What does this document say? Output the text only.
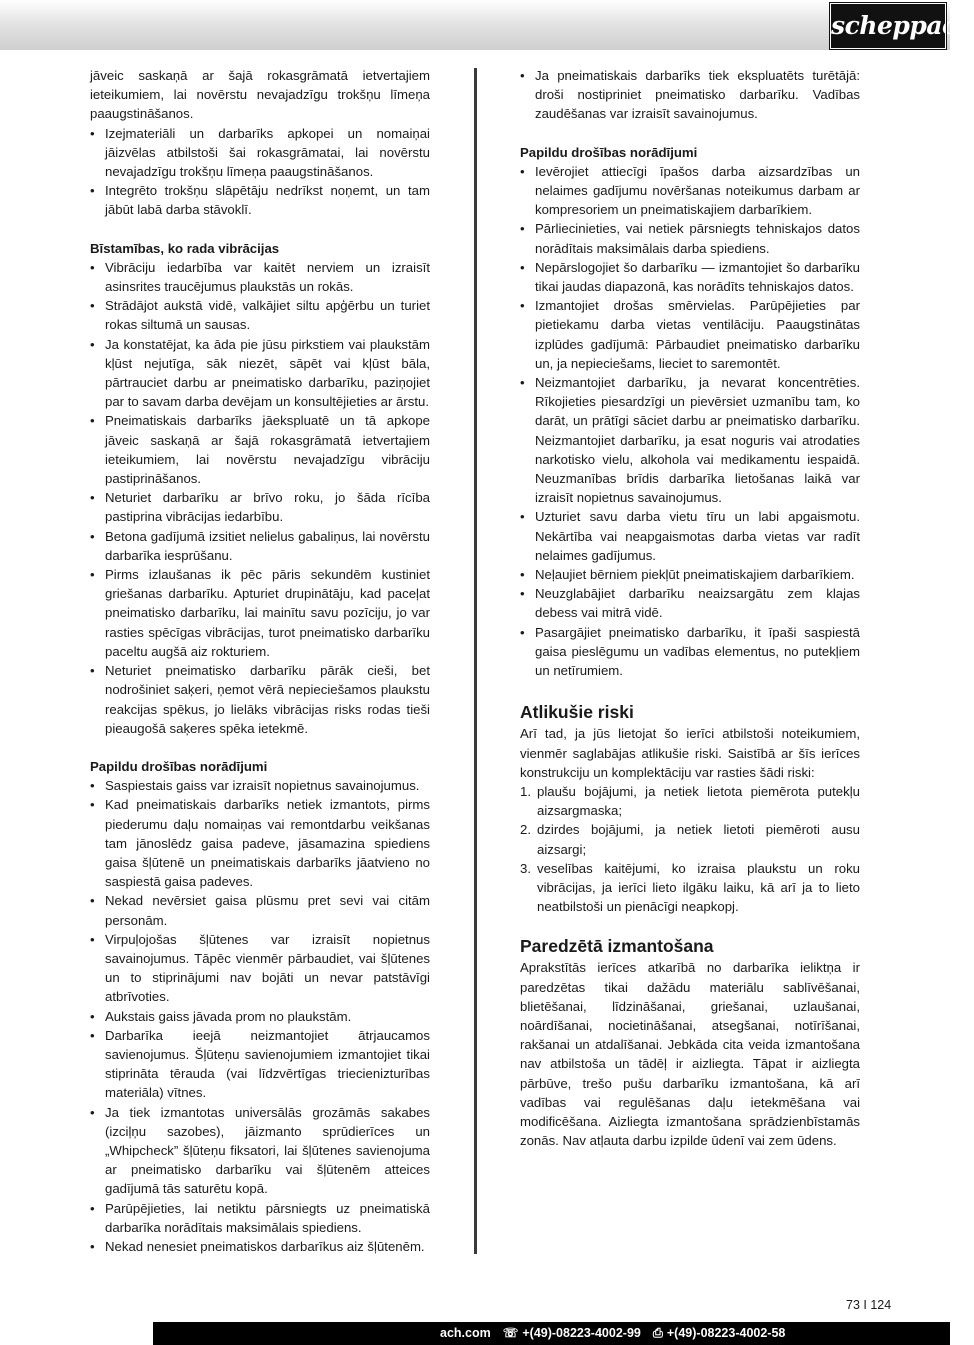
scheppach

jāveic saskaņā ar šajā rokasgrāmatā ietvertajiem ieteikumiem, lai novērstu nevajadzīgu trokšņu līmeņa paaugstināšanos.

• Izejmateriāli un darbarīks apkopei un nomaiņai jāizvēlas atbilstoši šai rokasgrāmatai, lai novērstu nevajadzīgu trokšņu līmeņa paaugstināšanos.
• Integrēto trokšņu slāpētāju nedrīkst noņemt, un tam jābūt labā darba stāvoklī.
Bīstamības, ko rada vibrācijas
• Vibrāciju iedarbība var kaitēt nerviem un izraisīt asinsrites traucējumus plaukstās un rokās.
• Strādājot aukstā vidē, valkājiet siltu apģērbu un turiet rokas siltumā un sausas.
• Ja konstatējat, ka āda pie jūsu pirkstiem vai plaukstām kļūst nejutīga, sāk niezēt, sāpēt vai kļūst bāla, pārtrauciet darbu ar pneimatisko darbarīku, paziņojiet par to savam darba devējam un konsultējieties ar ārstu.
• Pneimatiskais darbarīks jāekspluatē un tā apkope jāveic saskaņā ar šajā rokasgrāmatā ietvertajiem ieteikumiem, lai novērstu nevajadzīgu vibrāciju pastiprināšanos.
• Neturiet darbarīku ar brīvo roku, jo šāda rīcība pastiprina vibrācijas iedarbību.
• Betona gadījumā izsitiet nelielus gabaliņus, lai novērstu darbarīka iesprūšanu.
• Pirms izlaušanas ik pēc pāris sekundēm kustiniet griešanas darbarīku. Apturiet drupinātāju, kad paceļat pneimatisko darbarīku, lai mainītu savu pozīciju, jo var rasties spēcīgas vibrācijas, turot pneimatisko darbarīku paceltu augšā aiz rokturiem.
• Neturiet pneimatisko darbarīku pārāk cieši, bet nodrošiniet saķeri, ņemot vērā nepieciešamos plaukstu reakcijas spēkus, jo lielāks vibrācijas risks rodas tieši pieaugošā saķeres spēka ietekmē.
Papildu drošības norādījumi
• Saspiestais gaiss var izraisīt nopietnus savainojumus.
• Kad pneimatiskais darbarīks netiek izmantots, pirms piederumu daļu nomaiņas vai remontdarbu veikšanas tam jānoslēdz gaisa padeve, jāsamazina spiediens gaisa šļūtenē un pneimatiskais darbarīks jāatvieno no saspiestā gaisa padeves.
• Nekad nevērsiet gaisa plūsmu pret sevi vai citām personām.
• Virpuļojošas šļūtenes var izraisīt nopietnus savainojumus. Tāpēc vienmēr pārbaudiet, vai šļūtenes un to stiprinājumi nav bojāti un nevar patstāvīgi atbrīvoties.
• Aukstais gaiss jāvada prom no plaukstām.
• Darbarīka ieejā neizmantojiet ātrjaucamos savienojumus. Šļūteņu savienojumiem izmantojiet tikai stiprināta tērauda (vai līdzvērtīgas triecienizturības materiāla) vītnes.
• Ja tiek izmantotas universālās grozāmās sakabes (izciļņu sazobes), jāizmanto sprūdierīces un „Whipcheck” šļūteņu fiksatori, lai šļūtenes savienojuma ar pneimatisko darbarīku vai šļūtenēm atteices gadījumā tās saturētu kopā.
• Parūpējieties, lai netiktu pārsniegts uz pneimatiskā darbarīka norādītais maksimālais spiediens.
• Nekad nenesiet pneimatiskos darbarīkus aiz šļūtenēm.
• Ja pneimatiskais darbarīks tiek ekspluatēts turētājā: droši nostipriniet pneimatisko darbarīku. Vadības zaudēšanas var izraisīt savainojumus.
Papildu drošības norādījumi
• Ievērojiet attiecīgi īpašos darba aizsardzības un nelaimes gadījumu novēršanas noteikumus darbam ar kompresoriem un pneimatiskajiem darbarīkiem.
• Pārliecinieties, vai netiek pārsniegts tehniskajos datos norādītais maksimālais darba spiediens.
• Nepārslogojiet šo darbarīku — izmantojiet šo darbarīku tikai jaudas diapazonā, kas norādīts tehniskajos datos.
• Izmantojiet drošas smērvielas. Parūpējieties par pietiekamu darba vietas ventilāciju. Paaugstinātas izplūdes gadījumā: Pārbaudiet pneimatisko darbarīku un, ja nepieciešams, lieciet to saremontēt.
• Neizmantojiet darbarīku, ja nevarat koncentrēties. Rīkojieties piesardzīgi un pievērsiet uzmanību tam, ko darāt, un prātīgi sāciet darbu ar pneimatisko darbarīku. Neizmantojiet darbarīku, ja esat noguris vai atrodaties narkotisko vielu, alkohola vai medikamentu iespaidā. Neuzmanības brīdis darbarīka lietošanas laikā var izraisīt nopietnus savainojumus.
• Uzturiet savu darba vietu tīru un labi apgaismotu. Nekārtība vai neapgaismotas darba vietas var radīt nelaimes gadījumus.
• Neļaujiet bērniem piekļūt pneimatiskajiem darbarīkiem.
• Neuzglabājiet darbarīku neaizsargātu zem klajas debess vai mitrā vidē.
• Pasargājiet pneimatisko darbarīku, it īpaši saspiestā gaisa pieslēgumu un vadības elementus, no putekļiem un netīrumiem.
Atlikušie riski

Arī tad, ja jūs lietojat šo ierīci atbilstoši noteikumiem, vienmēr saglabājas atlikušie riski. Saistībā ar šīs ierīces konstrukciju un komplektāciju var rasties šādi riski:

1. plaušu bojājumi, ja netiek lietota piemērota putekļu aizsargmaska;
2. dzirdes bojājumi, ja netiek lietoti piemēroti ausu aizsargi;
3. veselības kaitējumi, ko izraisa plaukstu un roku vibrācijas, ja ierīci lieto ilgāku laiku, kā arī ja to lieto neatbilstoši un pienācīgi neapkopj.
Paredzētā izmantošana

Aprakstītās ierīces atkarībā no darbarīka ieliktņa ir paredzētas tikai dažādu materiālu sablīvēšanai, blietēšanai, līdzināšanai, griešanai, uzlaušanai, noārdīšanai, nocietināšanai, atsegšanai, notīrīšanai, rakšanai un atdalīšanai. Jebkāda cita veida izmantošana nav atbilstoša un tādēļ ir aizliegta. Tāpat ir aizliegta pārbūve, trešo pušu darbarīku izmantošana, kā arī vadības vai regulēšanas daļu ietekmēšana vai modificēšana. Aizliegta izmantošana sprādzienbīstamās zonās. Nav atļauta darbu izpilde ūdenī vai zem ūdens.

73 I 124
ach.com ☏ +(49)-08223-4002-99 ⎙ +(49)-08223-4002-58
